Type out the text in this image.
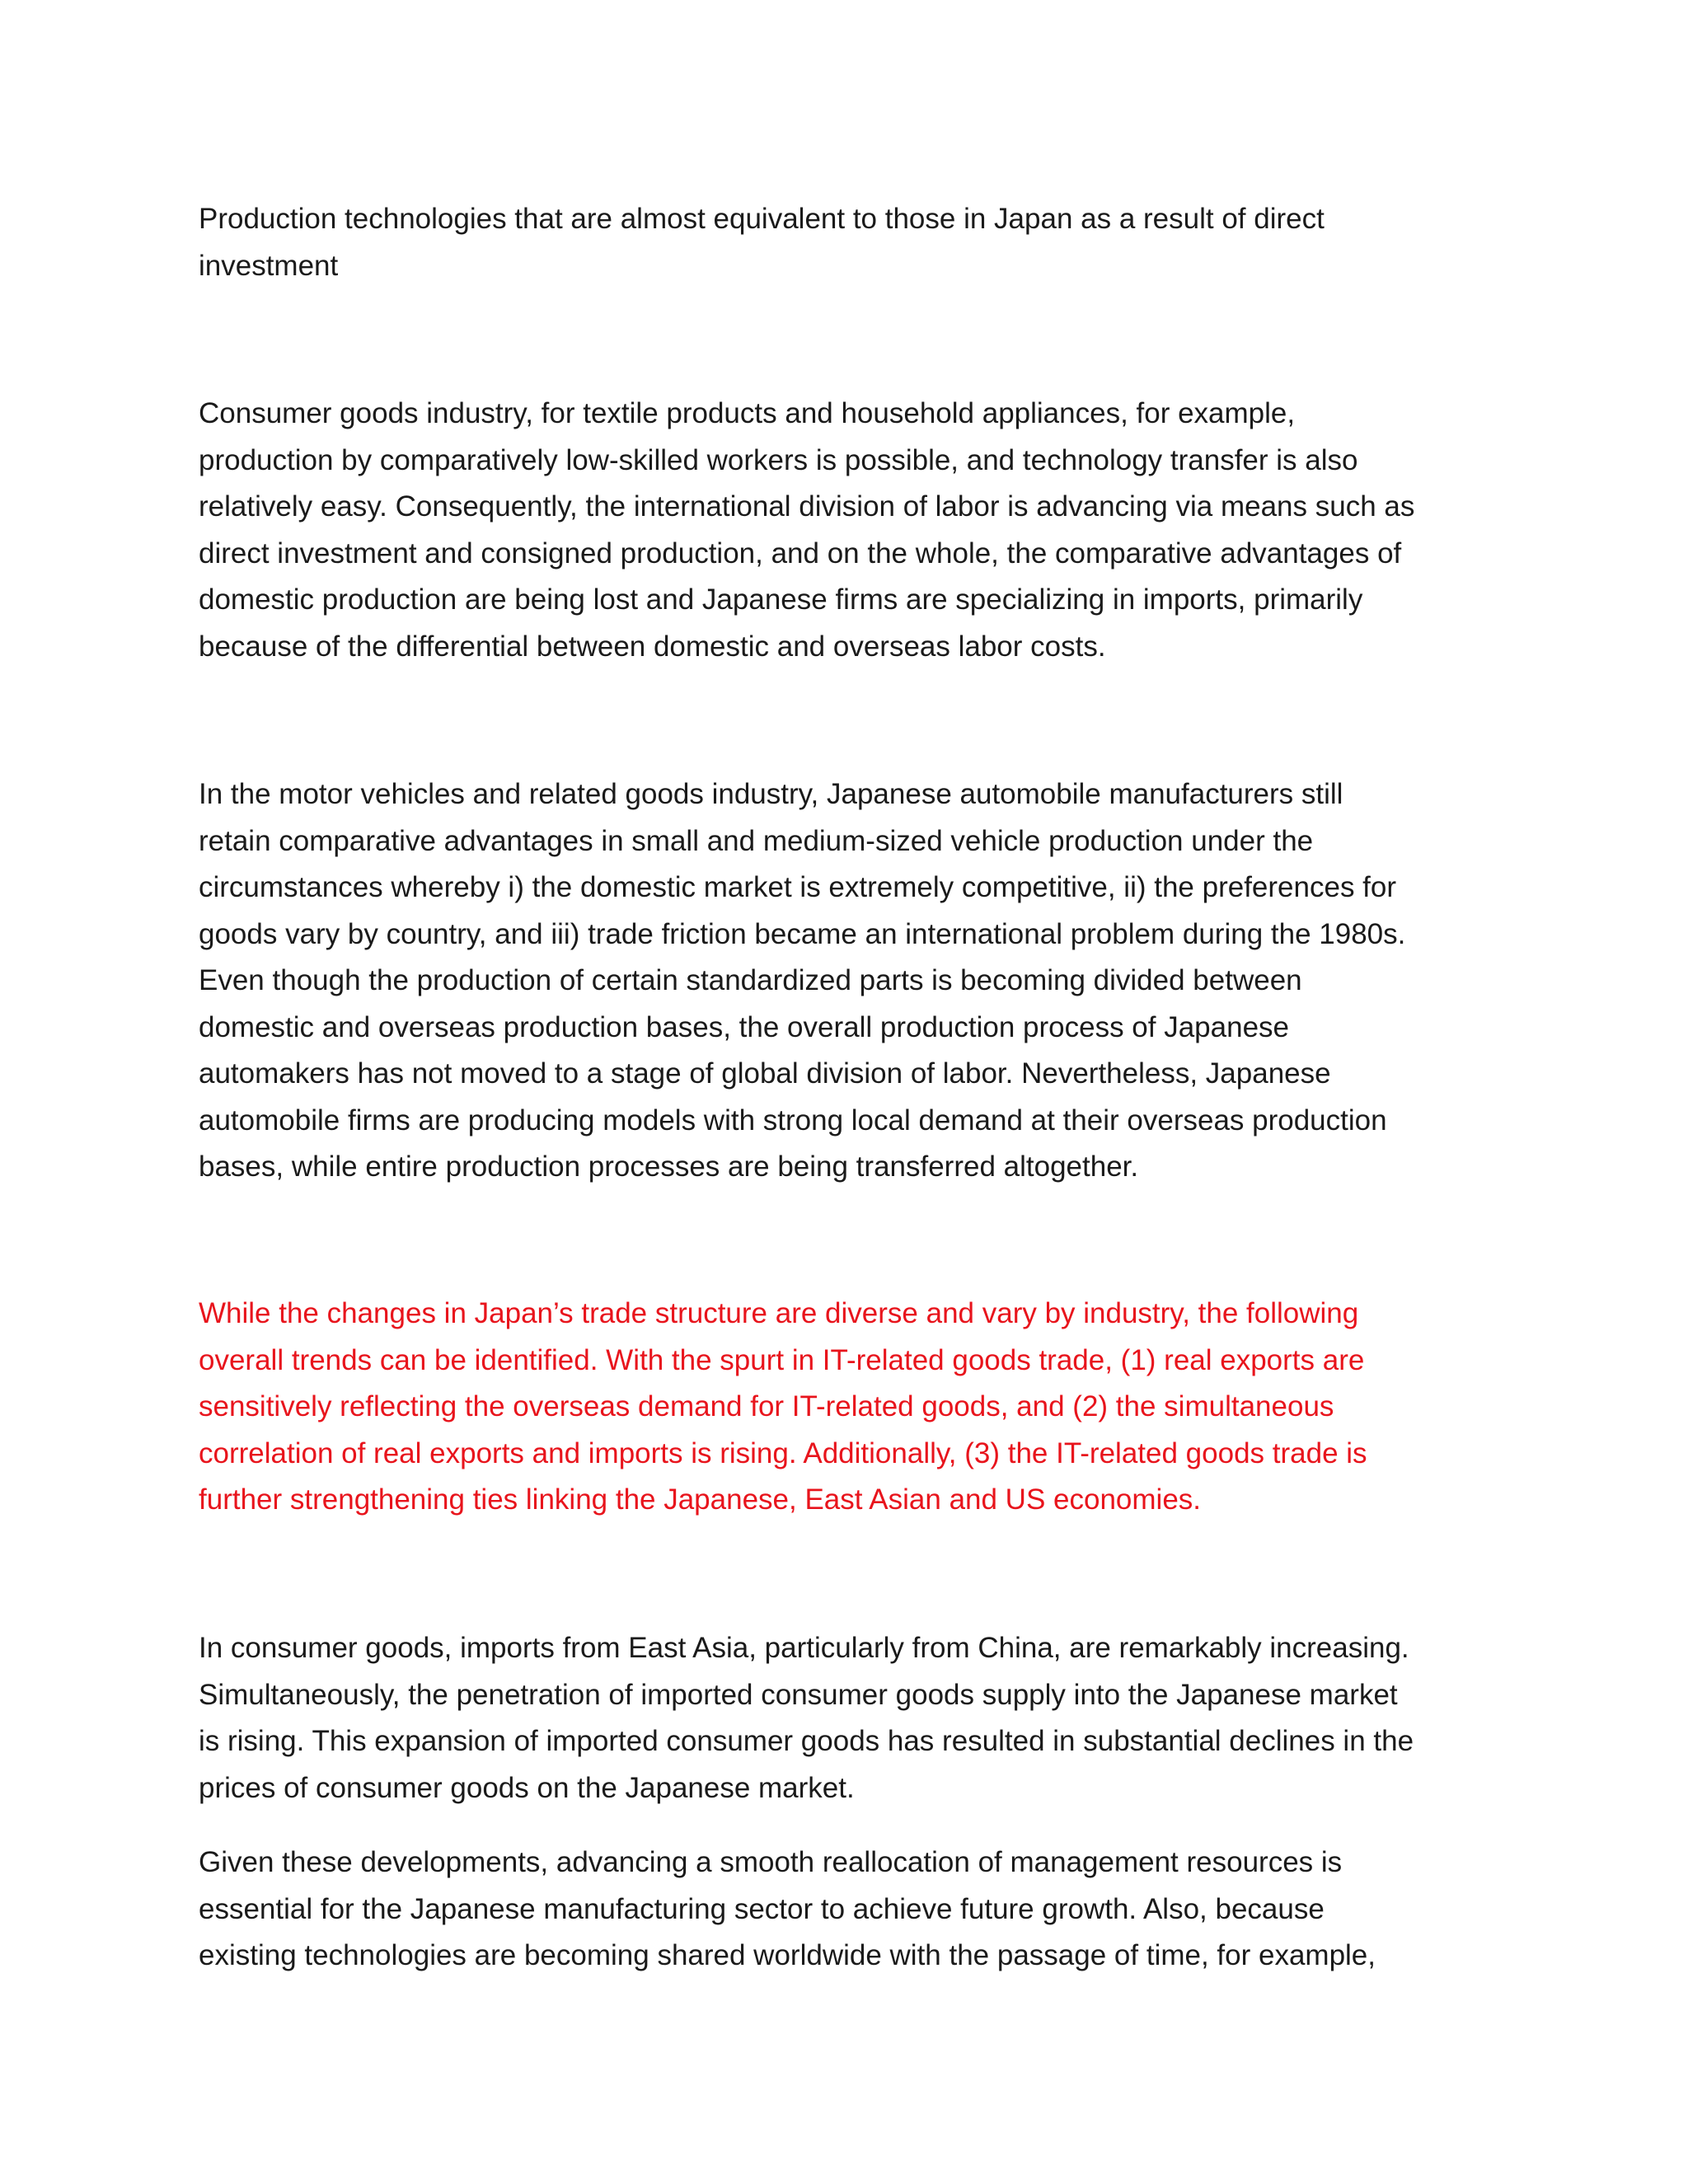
Production technologies that are almost equivalent to those in Japan as a result of direct
investment
Consumer goods industry, for textile products and household appliances, for example,
production by comparatively low-skilled workers is possible, and technology transfer is also
relatively easy. Consequently, the international division of labor is advancing via means such as
direct investment and consigned production, and on the whole, the comparative advantages of
domestic production are being lost and Japanese firms are specializing in imports, primarily
because of the differential between domestic and overseas labor costs.
In the motor vehicles and related goods industry, Japanese automobile manufacturers still
retain comparative advantages in small and medium-sized vehicle production under the
circumstances whereby i) the domestic market is extremely competitive, ii) the preferences for
goods vary by country, and iii) trade friction became an international problem during the 1980s.
Even though the production of certain standardized parts is becoming divided between
domestic and overseas production bases, the overall production process of Japanese
automakers has not moved to a stage of global division of labor. Nevertheless, Japanese
automobile firms are producing models with strong local demand at their overseas production
bases, while entire production processes are being transferred altogether.
While the changes in Japan’s trade structure are diverse and vary by industry, the following
overall trends can be identified. With the spurt in IT-related goods trade, (1) real exports are
sensitively reflecting the overseas demand for IT-related goods, and (2) the simultaneous
correlation of real exports and imports is rising. Additionally, (3) the IT-related goods trade is
further strengthening ties linking the Japanese, East Asian and US economies.
In consumer goods, imports from East Asia, particularly from China, are remarkably increasing.
Simultaneously, the penetration of imported consumer goods supply into the Japanese market
is rising. This expansion of imported consumer goods has resulted in substantial declines in the
prices of consumer goods on the Japanese market.
Given these developments, advancing a smooth reallocation of management resources is
essential for the Japanese manufacturing sector to achieve future growth. Also, because
existing technologies are becoming shared worldwide with the passage of time, for example,
